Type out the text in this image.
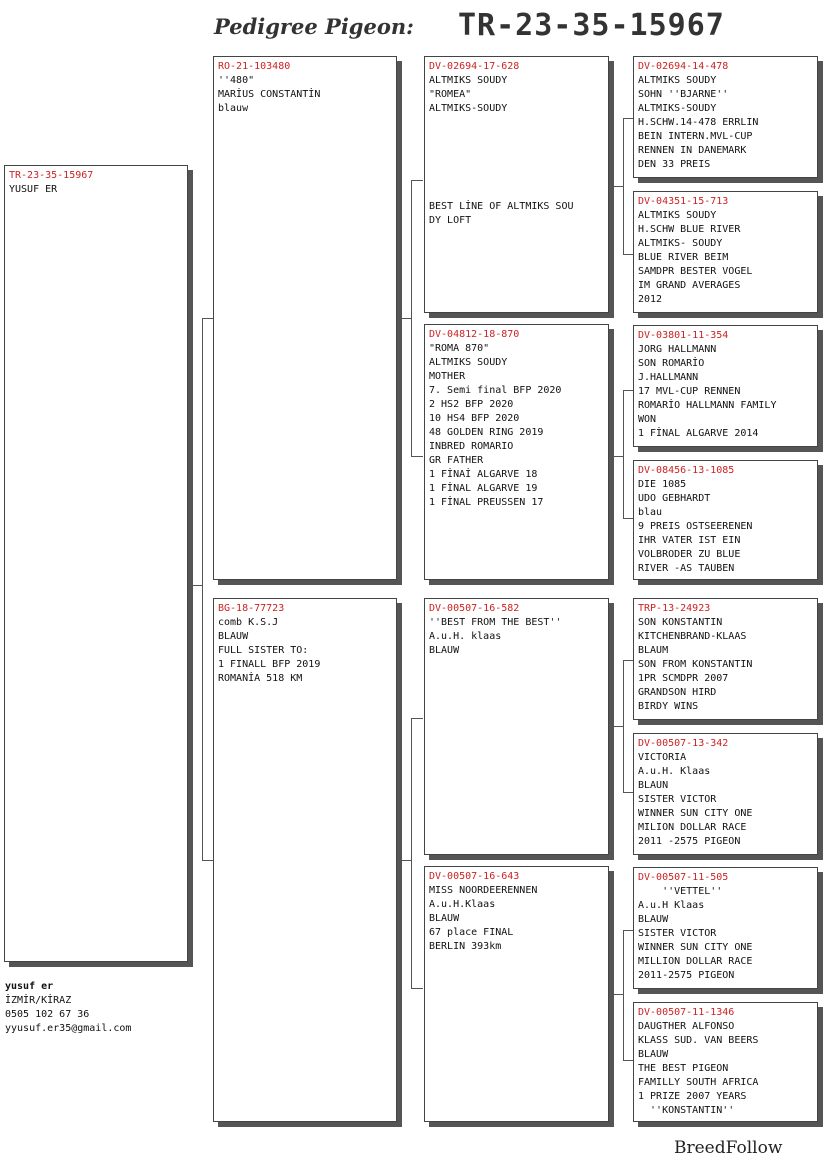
Pedigree Pigeon: TR-23-35-15967
TR-23-35-15967
YUSUF ER
RO-21-103480
''480"
MARİUS CONSTANTİN
blauw
BG-18-77723
comb K.S.J
BLAUW
FULL SISTER TO:
1 FINALL BFP 2019
ROMANİA 518 KM
DV-02694-17-628
ALTMIKS SOUDY
"ROMEA"
ALTMIKS-SOUDY

BEST LİNE OF ALTMIKS SOU
DY LOFT
DV-04812-18-870
"ROMA 870"
ALTMIKS SOUDY
MOTHER
7. Semi final BFP 2020
2 HS2 BFP 2020
10 HS4 BFP 2020
48 GOLDEN RING 2019
INBRED ROMARIO
GR FATHER
1 FİNAİ ALGARVE 18
1 FİNAL ALGARVE 19
1 FİNAL PREUSSEN 17
DV-00507-16-582
''BEST FROM THE BEST''
A.u.H. klaas
BLAUW
DV-00507-16-643
MISS NOORDEERENNEN
A.u.H.Klaas
BLAUW
67 place FINAL
BERLIN 393km
DV-02694-14-478
ALTMIKS SOUDY
SOHN ''BJARNE''
ALTMIKS-SOUDY
H.SCHW.14-478 ERRLIN
BEIN INTERN.MVL-CUP
RENNEN IN DANEMARK
DEN 33 PREIS
DV-04351-15-713
ALTMIKS SOUDY
H.SCHW BLUE RIVER
ALTMIKS- SOUDY
BLUE RIVER BEIM
SAMDPR BESTER VOGEL
IM GRAND AVERAGES
2012
DV-03801-11-354
JORG HALLMANN
SON ROMARİO
J.HALLMANN
17 MVL-CUP RENNEN
ROMARİO HALLMANN FAMILY
WON
1 FİNAL ALGARVE 2014
DV-08456-13-1085
DIE 1085
UDO GEBHARDT
blau
9 PREIS OSTSEERENEN
IHR VATER IST EIN
VOLBRODER ZU BLUE
RIVER -AS TAUBEN
TRP-13-24923
SON KONSTANTIN
KITCHENBRAND-KLAAS
BLAUM
SON FROM KONSTANTIN
1PR SCMDPR 2007
GRANDSON HIRD
BIRDY WINS
DV-00507-13-342
VICTORIA
A.u.H. Klaas
BLAUN
SISTER VICTOR
WINNER SUN CITY ONE
MILION DOLLAR RACE
2011 -2575 PIGEON
DV-00507-11-505
''VETTEL''
A.u.H Klaas
BLAUW
SISTER VICTOR
WINNER SUN CITY ONE
MILLION DOLLAR RACE
2011-2575 PIGEON
DV-00507-11-1346
DAUGTHER ALFONSO
KLASS SUD. VAN BEERS
BLAUW
THE BEST PIGEON
FAMILLY SOUTH AFRICA
1 PRIZE 2007 YEARS
''KONSTANTIN''
yusuf er
İZMİR/KİRAZ
0505 102 67 36
yyusuf.er35@gmail.com
BreedFollow
